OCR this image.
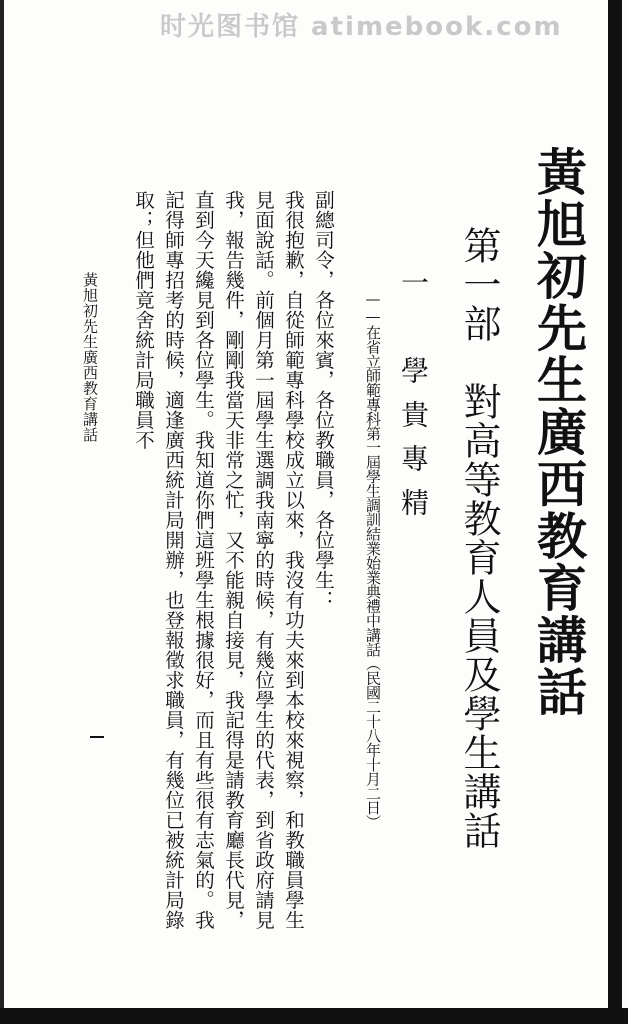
时光图书馆 atimebook.com
黃旭初先生廣西教育講話
第一部　對高等教育人員及學生講話
一　學貴專精
——在省立師範專科第一屆學生調訓結業始業典禮中講話（民國二十八年十月二日）

副總司令，各位來賓，各位教職員，各位學生：

我很抱歉，自從師範專科學校成立以來，我沒有功夫來到本校來視察，和教職員學生見面說話。前個月第一屆學生選調我南寧的時候，有幾位學生的代表，到省政府請見我，報告幾件，剛剛我當天非常之忙，又不能親自接見，我記得是請教育廳長代見，直到今天纔見到各位學生。我知道你們這班學生根據很好，而且有些很有志氣的。我記得師專招考的時候，適逢廣西統計局開辦，也登報徵求職員，有幾位已被統計局錄取；但他們竟舍統計局職員不

黃旭初先生廣西教育講話
